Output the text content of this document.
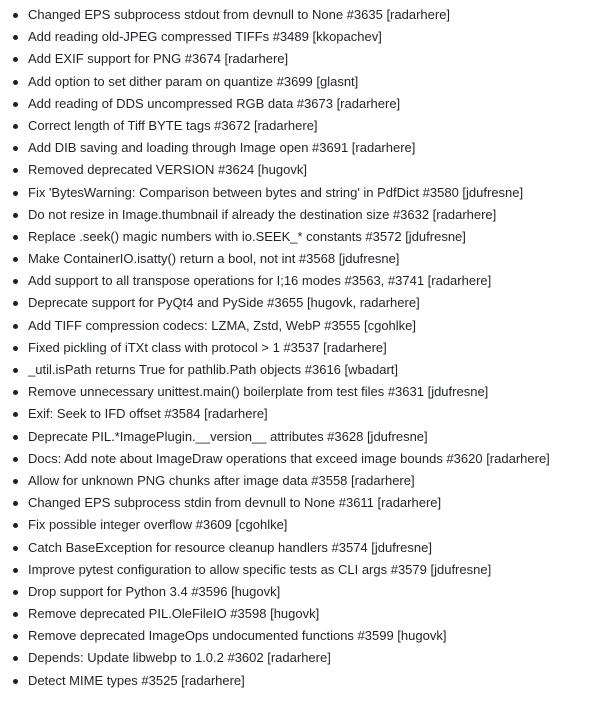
Changed EPS subprocess stdout from devnull to None #3635 [radarhere]
Add reading old-JPEG compressed TIFFs #3489 [kkopachev]
Add EXIF support for PNG #3674 [radarhere]
Add option to set dither param on quantize #3699 [glasnt]
Add reading of DDS uncompressed RGB data #3673 [radarhere]
Correct length of Tiff BYTE tags #3672 [radarhere]
Add DIB saving and loading through Image open #3691 [radarhere]
Removed deprecated VERSION #3624 [hugovk]
Fix 'BytesWarning: Comparison between bytes and string' in PdfDict #3580 [jdufresne]
Do not resize in Image.thumbnail if already the destination size #3632 [radarhere]
Replace .seek() magic numbers with io.SEEK_* constants #3572 [jdufresne]
Make ContainerIO.isatty() return a bool, not int #3568 [jdufresne]
Add support to all transpose operations for I;16 modes #3563, #3741 [radarhere]
Deprecate support for PyQt4 and PySide #3655 [hugovk, radarhere]
Add TIFF compression codecs: LZMA, Zstd, WebP #3555 [cgohlke]
Fixed pickling of iTXt class with protocol > 1 #3537 [radarhere]
_util.isPath returns True for pathlib.Path objects #3616 [wbadart]
Remove unnecessary unittest.main() boilerplate from test files #3631 [jdufresne]
Exif: Seek to IFD offset #3584 [radarhere]
Deprecate PIL.*ImagePlugin.__version__ attributes #3628 [jdufresne]
Docs: Add note about ImageDraw operations that exceed image bounds #3620 [radarhere]
Allow for unknown PNG chunks after image data #3558 [radarhere]
Changed EPS subprocess stdin from devnull to None #3611 [radarhere]
Fix possible integer overflow #3609 [cgohlke]
Catch BaseException for resource cleanup handlers #3574 [jdufresne]
Improve pytest configuration to allow specific tests as CLI args #3579 [jdufresne]
Drop support for Python 3.4 #3596 [hugovk]
Remove deprecated PIL.OleFileIO #3598 [hugovk]
Remove deprecated ImageOps undocumented functions #3599 [hugovk]
Depends: Update libwebp to 1.0.2 #3602 [radarhere]
Detect MIME types #3525 [radarhere]
